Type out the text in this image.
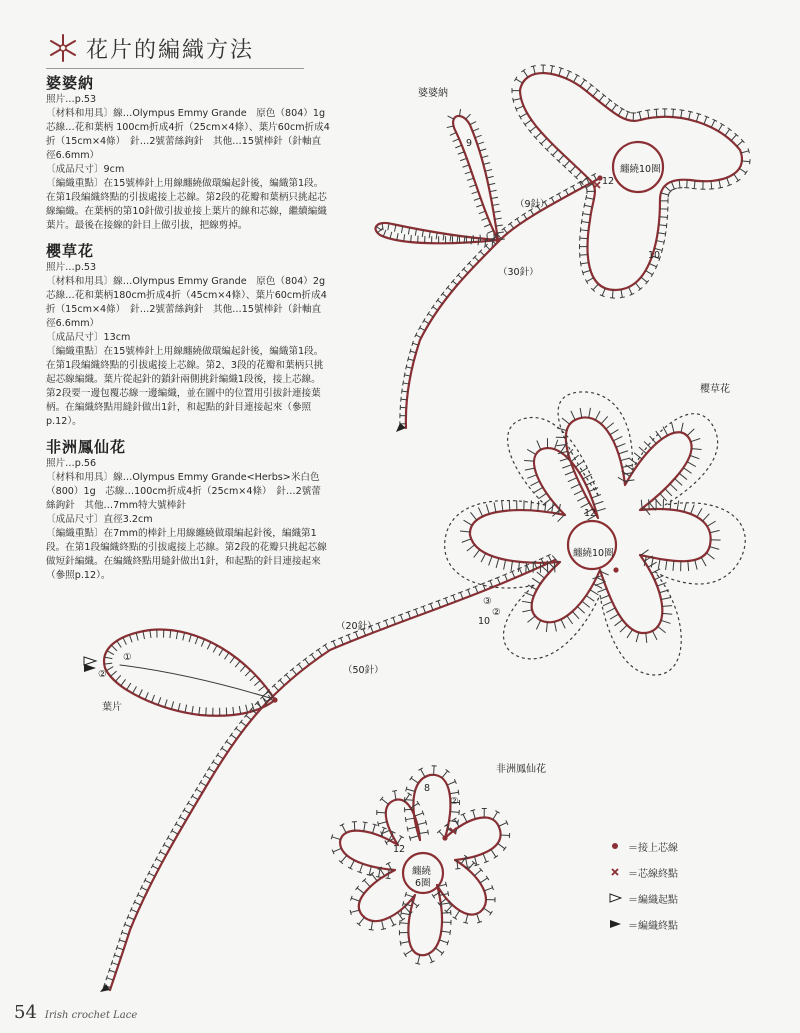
花片的編織方法
婆婆納

照片…p.53

〔材料和用具〕線…Olympus Emmy Grande　原色（804）1g

芯線…花和葉柄 100cm折成4折（25cm×4條）、葉片60cm折成4

折（15cm×4條）　針…2號蕾絲鉤針　其他…15號棒針（針軸直

徑6.6mm）

〔成品尺寸〕9cm

〔編織重點〕在15號棒針上用線纏繞做環編起針後，編織第1段。

在第1段編織終點的引拔處接上芯線。第2段的花瓣和葉柄只挑起芯

線編織。在葉柄的第10針做引拔並接上葉片的線和芯線，繼續編織

葉片。最後在接線的針目上做引拔，把線剪掉。

櫻草花

照片…p.53

〔材料和用具〕線…Olympus Emmy Grande　原色（804）2g

芯線…花和葉柄180cm折成4折（45cm×4條）、葉片60cm折成4

折（15cm×4條）　針…2號蕾絲鉤針　其他…15號棒針（針軸直

徑6.6mm）

〔成品尺寸〕13cm

〔編織重點〕在15號棒針上用線纏繞做環編起針後，編織第1段。

在第1段編織終點的引拔處接上芯線。第2、3段的花瓣和葉柄只挑

起芯線編織。葉片從起針的鎖針兩側挑針編織1段後，接上芯線。

第2段要一邊包覆芯線一邊編織，並在圖中的位置用引拔針連接葉

柄。在編織終點用縫針做出1針，和起點的針目連接起來（參照

p.12）。

非洲鳳仙花

照片…p.56

〔材料和用具〕線…Olympus Emmy Grande<Herbs>米白色

（800）1g　芯線…100cm折成4折（25cm×4條）　針…2號蕾

絲鉤針　其他…7mm特大號棒針

〔成品尺寸〕直徑3.2cm

〔編織重點〕在7mm的棒針上用線纏繞做環編起針後，編織第1

段。在第1段編織終點的引拔處接上芯線。第2段的花瓣只挑起芯線

做短針編織。在編織終點用縫針做出1針，和起點的針目連接起來

（參照p.12）。

婆婆納
纏繞10圈
12
9
10
（9針）
（30針）
櫻草花
纏繞10圈
12
10
③
②
（20針）
（50針）
葉片
①
②
非洲鳳仙花
纏繞
6圈
8
12
②
＝接上芯線
＝芯線終點
＝編織起點
＝編織終點
54 Irish crochet Lace
